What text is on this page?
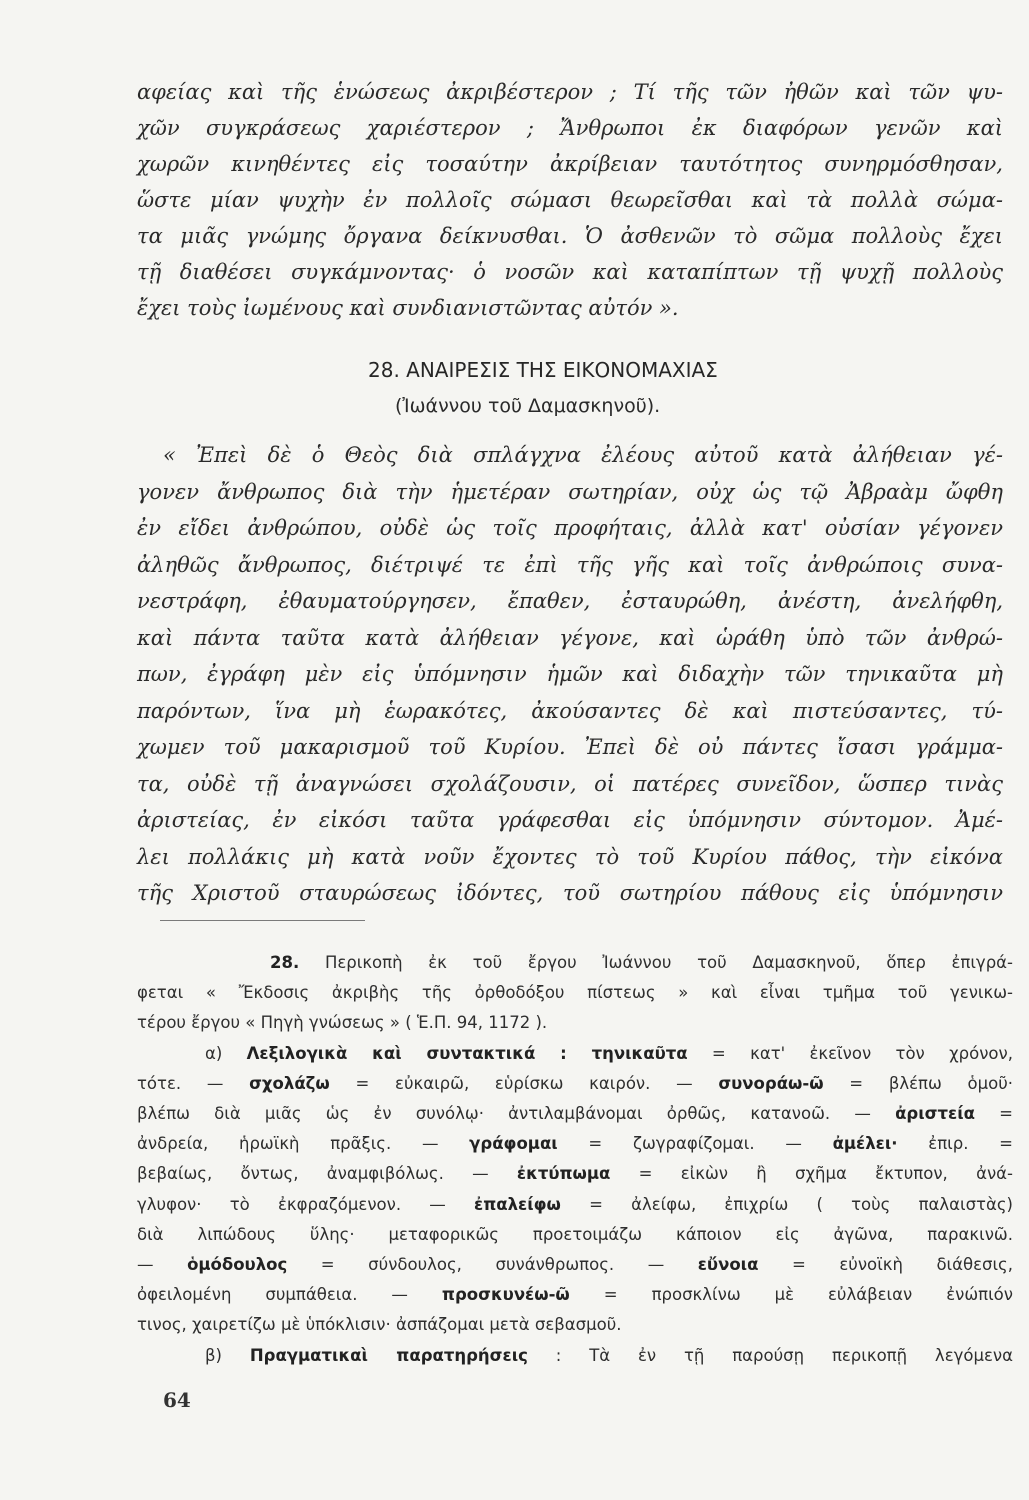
αφείας καὶ τῆς ἑνώσεως ἀκριβέστερον ; Τί τῆς τῶν ἠθῶν καὶ τῶν ψυ-
χῶν συγκράσεως χαριέστερον ; Ἄνθρωποι ἐκ διαφόρων γενῶν καὶ
χωρῶν κινηθέντες εἰς τοσαύτην ἀκρίβειαν ταυτότητος συνηρμόσθησαν,
ὥστε μίαν ψυχὴν ἐν πολλοῖς σώμασι θεωρεῖσθαι καὶ τὰ πολλὰ σώμα-
τα μιᾶς γνώμης ὄργανα δείκνυσθαι. Ὁ ἀσθενῶν τὸ σῶμα πολλοὺς ἔχει
τῇ διαθέσει συγκάμνοντας· ὁ νοσῶν καὶ καταπίπτων τῇ ψυχῇ πολλοὺς
ἔχει τοὺς ἰωμένους καὶ συνδιανιστῶντας αὐτόν ».
28. ΑΝΑΙΡΕΣΙΣ ΤΗΣ ΕΙΚΟΝΟΜΑΧΙΑΣ
(Ἰωάννου τοῦ Δαμασκηνοῦ).
« Ἐπεὶ δὲ ὁ Θεὸς διὰ σπλάγχνα ἐλέους αὐτοῦ κατὰ ἀλήθειαν γέ-
γονεν ἄνθρωπος διὰ τὴν ἡμετέραν σωτηρίαν, οὐχ ὡς τῷ Ἀβραὰμ ὤφθη
ἐν εἴδει ἀνθρώπου, οὐδὲ ὡς τοῖς προφήταις, ἀλλὰ κατ' οὐσίαν γέγονεν
ἀληθῶς ἄνθρωπος, διέτριψέ τε ἐπὶ τῆς γῆς καὶ τοῖς ἀνθρώποις συνα-
νεστράφη, ἐθαυματούργησεν, ἔπαθεν, ἐσταυρώθη, ἀνέστη, ἀνελήφθη,
καὶ πάντα ταῦτα κατὰ ἀλήθειαν γέγονε, καὶ ὡράθη ὑπὸ τῶν ἀνθρώ-
πων, ἐγράφη μὲν εἰς ὑπόμνησιν ἡμῶν καὶ διδαχὴν τῶν τηνικαῦτα μὴ
παρόντων, ἵνα μὴ ἑωρακότες, ἀκούσαντες δὲ καὶ πιστεύσαντες, τύ-
χωμεν τοῦ μακαρισμοῦ τοῦ Κυρίου. Ἐπεὶ δὲ οὐ πάντες ἴσασι γράμμα-
τα, οὐδὲ τῇ ἀναγνώσει σχολάζουσιν, οἱ πατέρες συνεῖδον, ὥσπερ τινὰς
ἀριστείας, ἐν εἰκόσι ταῦτα γράφεσθαι εἰς ὑπόμνησιν σύντομον. Ἀμέ-
λει πολλάκις μὴ κατὰ νοῦν ἔχοντες τὸ τοῦ Κυρίου πάθος, τὴν εἰκόνα
τῆς Χριστοῦ σταυρώσεως ἰδόντες, τοῦ σωτηρίου πάθους εἰς ὑπόμνησιν
28. Περικοπὴ ἐκ τοῦ ἔργου Ἰωάννου τοῦ Δαμασκηνοῦ, ὅπερ ἐπιγρά-
φεται « Ἔκδοσις ἀκριβὴς τῆς ὀρθοδόξου πίστεως » καὶ εἶναι τμῆμα τοῦ γενικω-
τέρου ἔργου « Πηγὴ γνώσεως » ( Ἑ.Π. 94, 1172 ).
α) Λεξιλογικὰ καὶ συντακτικά : τηνικαῦτα = κατ' ἐκεῖνον τὸν χρόνον,
τότε. — σχολάζω = εὐκαιρῶ, εὑρίσκω καιρόν. — συνοράω-ῶ = βλέπω ὁμοῦ·
βλέπω διὰ μιᾶς ὡς ἐν συνόλῳ· ἀντιλαμβάνομαι ὀρθῶς, κατανοῶ. — ἀριστεία =
ἀνδρεία, ἡρωϊκὴ πρᾶξις. — γράφομαι = ζωγραφίζομαι. — ἀμέλει· ἐπιρ. =
βεβαίως, ὄντως, ἀναμφιβόλως. — ἐκτύπωμα = εἰκὼν ἢ σχῆμα ἔκτυπον, ἀνά-
γλυφον· τὸ ἐκφραζόμενον. — ἐπαλείφω = ἀλείφω, ἐπιχρίω ( τοὺς παλαιστὰς)
διὰ λιπώδους ὕλης· μεταφορικῶς προετοιμάζω κάποιον εἰς ἀγῶνα, παρακινῶ.
— ὁμόδουλος = σύνδουλος, συνάνθρωπος. — εὔνοια = εὐνοϊκὴ διάθεσις,
ὀφειλομένη συμπάθεια. — προσκυνέω-ῶ = προσκλίνω μὲ εὐλάβειαν ἐνώπιόν
τινος, χαιρετίζω μὲ ὑπόκλισιν· ἀσπάζομαι μετὰ σεβασμοῦ.
β) Πραγματικαὶ παρατηρήσεις : Τὰ ἐν τῇ παρούσῃ περικοπῇ λεγόμενα
64
